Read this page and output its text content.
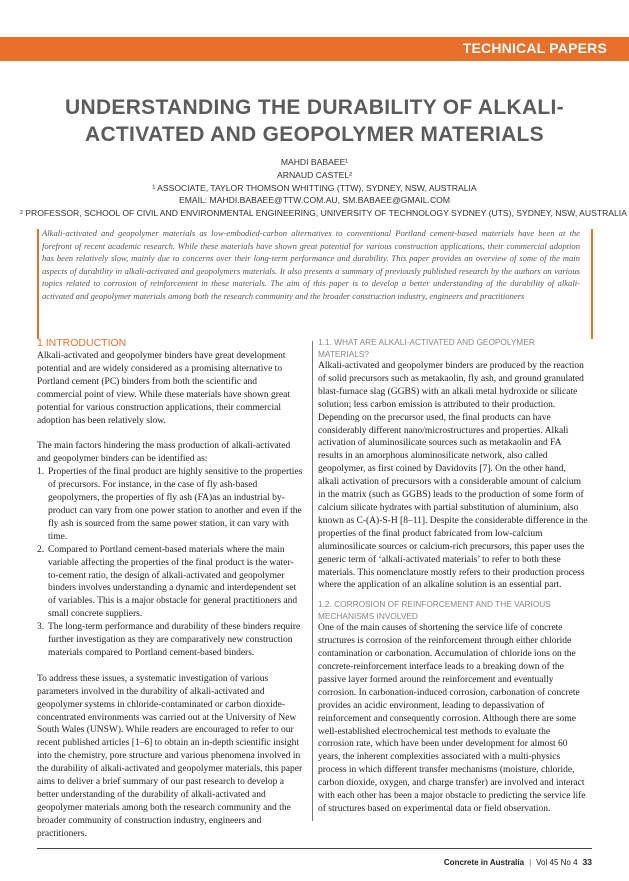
TECHNICAL PAPERS
UNDERSTANDING THE DURABILITY OF ALKALI-
ACTIVATED AND GEOPOLYMER MATERIALS
MAHDI BABAEE¹
ARNAUD CASTEL²
¹ ASSOCIATE, TAYLOR THOMSON WHITTING (TTW), SYDNEY, NSW, AUSTRALIA
EMAIL: MAHDI.BABAEE@TTW.COM.AU, SM.BABAEE@GMAIL.COM
² PROFESSOR, SCHOOL OF CIVIL AND ENVIRONMENTAL ENGINEERING, UNIVERSITY OF TECHNOLOGY SYDNEY (UTS), SYDNEY, NSW, AUSTRALIA
Alkali-activated and geopolymer materials as low-embodied-carbon alternatives to conventional Portland cement-based materials have been at the forefront of recent academic research. While these materials have shown great potential for various construction applications, their commercial adoption has been relatively slow, mainly due to concerns over their long-term performance and durability. This paper provides an overview of some of the main aspects of durability in alkali-activated and geopolymers materials. It also presents a summary of previously published research by the authors on various topics related to corrosion of reinforcement in these materials. The aim of this paper is to develop a better understanding of the durability of alkali-activated and geopolymer materials among both the research community and the broader construction industry, engineers and practitioners
1 INTRODUCTION

Alkali-activated and geopolymer binders have great development potential and are widely considered as a promising alternative to Portland cement (PC) binders from both the scientific and commercial point of view. While these materials have shown great potential for various construction applications, their commercial adoption has been relatively slow.

The main factors hindering the mass production of alkali-activated and geopolymer binders can be identified as:

1. Properties of the final product are highly sensitive to the properties of precursors. For instance, in the case of fly ash-based geopolymers, the properties of fly ash (FA)as an industrial by-product can vary from one power station to another and even if the fly ash is sourced from the same power station, it can vary with time.
2. Compared to Portland cement-based materials where the main variable affecting the properties of the final product is the water-to-cement ratio, the design of alkali-activated and geopolymer binders involves understanding a dynamic and interdependent set of variables. This is a major obstacle for general practitioners and small concrete suppliers.
3. The long-term performance and durability of these binders require further investigation as they are comparatively new construction materials compared to Portland cement-based binders.

To address these issues, a systematic investigation of various parameters involved in the durability of alkali-activated and geopolymer systems in chloride-contaminated or carbon dioxide-concentrated environments was carried out at the University of New South Wales (UNSW). While readers are encouraged to refer to our recent published articles [1–6] to obtain an in-depth scientific insight into the chemistry, pore structure and various phenomena involved in the durability of alkali-activated and geopolymer materials, this paper aims to deliver a brief summary of our past research to develop a better understanding of the durability of alkali-activated and geopolymer materials among both the research community and the broader community of construction industry, engineers and practitioners.

1.1. WHAT ARE ALKALI-ACTIVATED AND GEOPOLYMER MATERIALS?

Alkali-activated and geopolymer binders are produced by the reaction of solid precursors such as metakaolin, fly ash, and ground granulated blast-furnace slag (GGBS) with an alkali metal hydroxide or silicate solution; less carbon emission is attributed to their production. Depending on the precursor used, the final products can have considerably different nano/microstructures and properties. Alkali activation of aluminosilicate sources such as metakaolin and FA results in an amorphous aluminosilicate network, also called geopolymer, as first coined by Davidovits [7]. On the other hand, alkali activation of precursors with a considerable amount of calcium in the matrix (such as GGBS) leads to the production of some form of calcium silicate hydrates with partial substitution of aluminium, also known as C-(A)-S-H [8–11]. Despite the considerable difference in the properties of the final product fabricated from low-calcium aluminosilicate sources or calcium-rich precursors, this paper uses the generic term of ‘alkali-activated materials’ to refer to both these materials. This nomenclature mostly refers to their production process where the application of an alkaline solution is an essential part.

1.2. CORROSION OF REINFORCEMENT AND THE VARIOUS MECHANISMS INVOLVED

One of the main causes of shortening the service life of concrete structures is corrosion of the reinforcement through either chloride contamination or carbonation. Accumulation of chloride ions on the concrete-reinforcement interface leads to a breaking down of the passive layer formed around the reinforcement and eventually corrosion. In carbonation-induced corrosion, carbonation of concrete provides an acidic environment, leading to depassivation of reinforcement and consequently corrosion. Although there are some well-established electrochemical test methods to evaluate the corrosion rate, which have been under development for almost 60 years, the inherent complexities associated with a multi-physics process in which different transfer mechanisms (moisture, chloride, carbon dioxide, oxygen, and charge transfer) are involved and interact with each other has been a major obstacle to predicting the service life of structures based on experimental data or field observation.

Concrete in Australia | Vol 45 No 4 33
